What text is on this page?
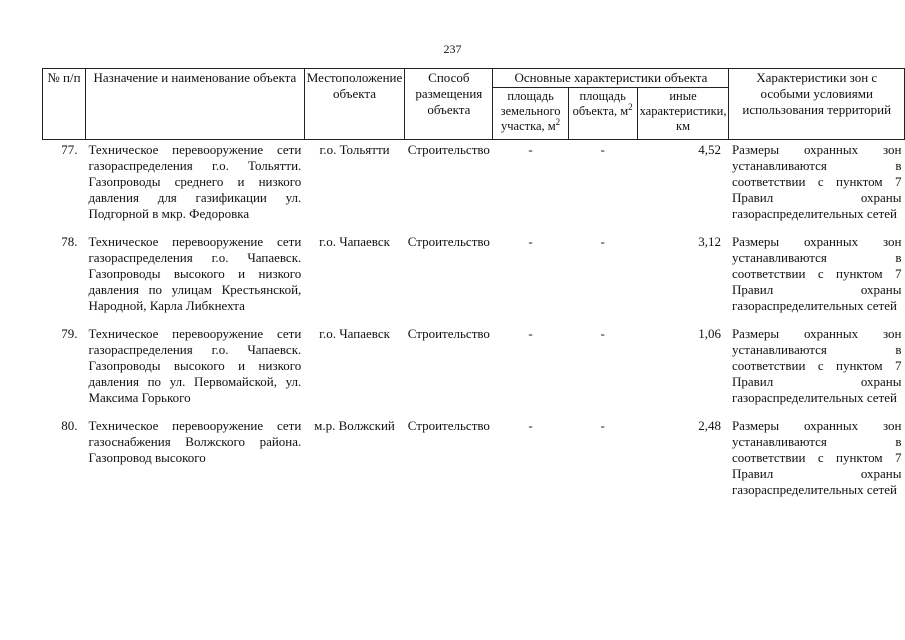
237
№ п/п	Назначение и наименование объекта	Местоположение объекта	Способ размещения объекта	Основные характеристики объекта			Характеристики зон с особыми условиями использования территорий
				площадь земельного участка, $м^2$	площадь объекта, $м^2$	иные характеристики, км	
77.	Техническое перевооружение сети газораспределения г.о. Тольятти. Газопроводы среднего и низкого давления для газификации ул. Подгорной в мкр. Федоровка	г.о. Тольятти	Строительство	-	-	4,52	Размеры охранных зон устанавливаются в соответствии с пунктом 7 Правил охраны газораспределительных сетей
78.	Техническое перевооружение сети газораспределения г.о. Чапаевск. Газопроводы высокого и низкого давления по улицам Крестьянской, Народной, Карла Либкнехта	г.о. Чапаевск	Строительство	-	-	3,12	Размеры охранных зон устанавливаются в соответствии с пунктом 7 Правил охраны газораспределительных сетей
79.	Техническое перевооружение сети газораспределения г.о. Чапаевск. Газопроводы высокого и низкого давления по ул. Первомайской, ул. Максима Горького	г.о. Чапаевск	Строительство	-	-	1,06	Размеры охранных зон устанавливаются в соответствии с пунктом 7 Правил охраны газораспределительных сетей
80.	Техническое перевооружение сети газоснабжения Волжского района. Газопровод высокого	м.р. Волжский	Строительство	-	-	2,48	Размеры охранных зон устанавливаются в соответствии с пунктом 7 Правил охраны газораспределительных сетей
